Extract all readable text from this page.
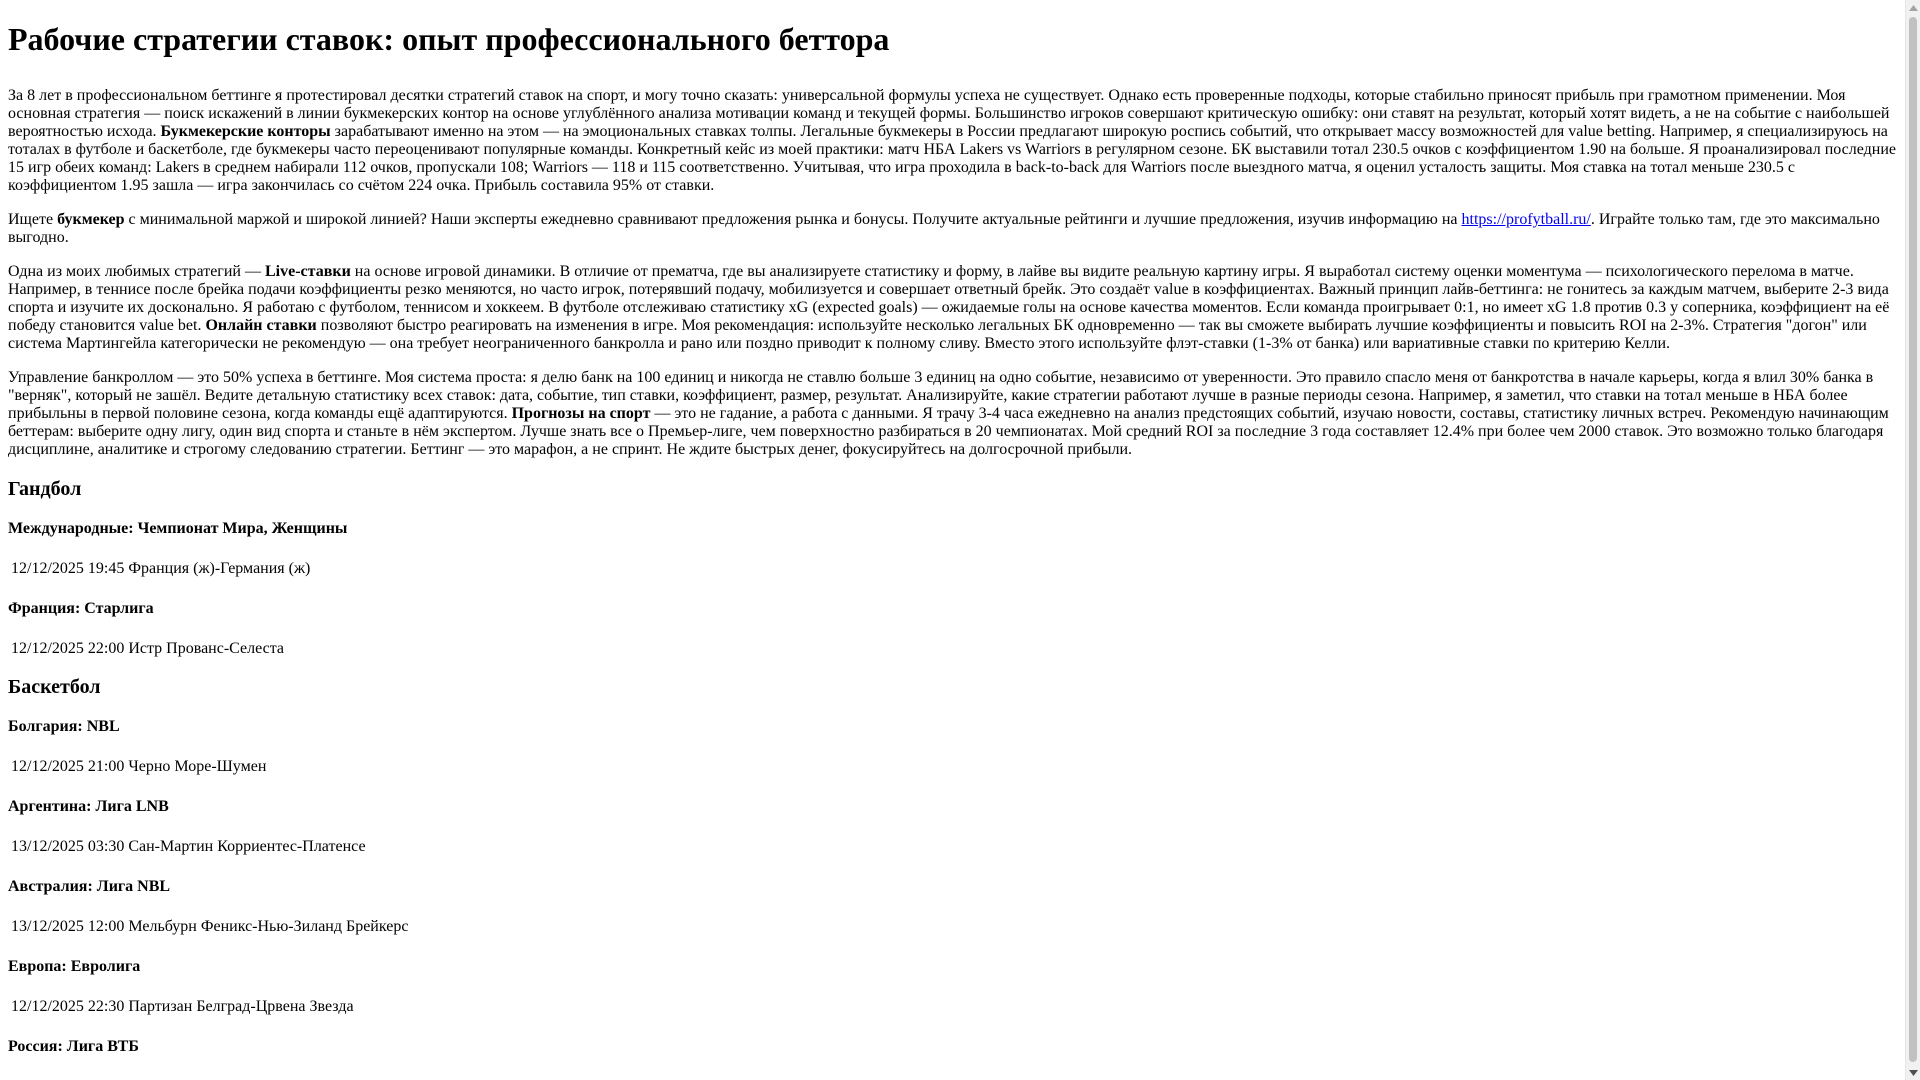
Рабочие стратегии ставок: опыт профессионального беттора

За 8 лет в профессиональном беттинге я протестировал десятки стратегий ставок на спорт, и могу точно сказать: универсальной формулы успеха не существует. Однако есть проверенные подходы, которые стабильно приносят прибыль при грамотном применении. Моя основная стратегия — поиск искажений в линии букмекерских контор на основе углублённого анализа мотивации команд и текущей формы. Большинство игроков совершают критическую ошибку: они ставят на результат, который хотят видеть, а не на событие с наибольшей вероятностью исхода. Букмекерские конторы зарабатывают именно на этом — на эмоциональных ставках толпы. Легальные букмекеры в России предлагают широкую роспись событий, что открывает массу возможностей для value betting. Например, я специализируюсь на тоталах в футболе и баскетболе, где букмекеры часто переоценивают популярные команды. Конкретный кейс из моей практики: матч НБА Lakers vs Warriors в регулярном сезоне. БК выставили тотал 230.5 очков с коэффициентом 1.90 на больше. Я проанализировал последние 15 игр обеих команд: Lakers в среднем набирали 112 очков, пропускали 108; Warriors — 118 и 115 соответственно. Учитывая, что игра проходила в back-to-back для Warriors после выездного матча, я оценил усталость защиты. Моя ставка на тотал меньше 230.5 с коэффициентом 1.95 зашла — игра закончилась со счётом 224 очка. Прибыль составила 95% от ставки.

Ищете букмекер с минимальной маржой и широкой линией? Наши эксперты ежедневно сравнивают предложения рынка и бонусы. Получите актуальные рейтинги и лучшие предложения, изучив информацию на https://profytball.ru/. Играйте только там, где это максимально выгодно.

Одна из моих любимых стратегий — Live-ставки на основе игровой динамики. В отличие от прематча, где вы анализируете статистику и форму, в лайве вы видите реальную картину игры. Я выработал систему оценки моментума — психологического перелома в матче. Например, в теннисе после брейка подачи коэффициенты резко меняются, но часто игрок, потерявший подачу, мобилизуется и совершает ответный брейк. Это создаёт value в коэффициентах. Важный принцип лайв-беттинга: не гонитесь за каждым матчем, выберите 2-3 вида спорта и изучите их досконально. Я работаю с футболом, теннисом и хоккеем. В футболе отслеживаю статистику xG (expected goals) — ожидаемые голы на основе качества моментов. Если команда проигрывает 0:1, но имеет xG 1.8 против 0.3 у соперника, коэффициент на её победу становится value bet. Онлайн ставки позволяют быстро реагировать на изменения в игре. Моя рекомендация: используйте несколько легальных БК одновременно — так вы сможете выбирать лучшие коэффициенты и повысить ROI на 2-3%. Стратегия "догон" или система Мартингейла категорически не рекомендую — она требует неограниченного банкролла и рано или поздно приводит к полному сливу. Вместо этого используйте флэт-ставки (1-3% от банка) или вариативные ставки по критерию Келли.

Управление банкроллом — это 50% успеха в беттинге. Моя система проста: я делю банк на 100 единиц и никогда не ставлю больше 3 единиц на одно событие, независимо от уверенности. Это правило спасло меня от банкротства в начале карьеры, когда я влил 30% банка в "верняк", который не зашёл. Ведите детальную статистику всех ставок: дата, событие, тип ставки, коэффициент, размер, результат. Анализируйте, какие стратегии работают лучше в разные периоды сезона. Например, я заметил, что ставки на тотал меньше в НБА более прибыльны в первой половине сезона, когда команды ещё адаптируются. Прогнозы на спорт — это не гадание, а работа с данными. Я трачу 3-4 часа ежедневно на анализ предстоящих событий, изучаю новости, составы, статистику личных встреч. Рекомендую начинающим беттерам: выберите одну лигу, один вид спорта и станьте в нём экспертом. Лучше знать все о Премьер-лиге, чем поверхностно разбираться в 20 чемпионатах. Мой средний ROI за последние 3 года составляет 12.4% при более чем 2000 ставок. Это возможно только благодаря дисциплине, аналитике и строгому следованию стратегии. Беттинг — это марафон, а не спринт. Не ждите быстрых денег, фокусируйтесь на долгосрочной прибыли.

Гандбол
Международные: Чемпионат Мира, Женщины
12/12/2025 19:45 Франция (ж)-Германия (ж)
Франция: Старлига
12/12/2025 22:00 Истр Прованс-Селеста
Баскетбол
Болгария: NBL
12/12/2025 21:00 Черно Море-Шумен
Аргентина: Лига LNB
13/12/2025 03:30 Сан-Мартин Корриентес-Платенсе
Австралия: Лига NBL
13/12/2025 12:00 Мельбурн Феникс-Нью-Зиланд Брейкерс
Европа: Евролига
12/12/2025 22:30 Партизан Белград-Црвена Звезда
Россия: Лига ВТБ
